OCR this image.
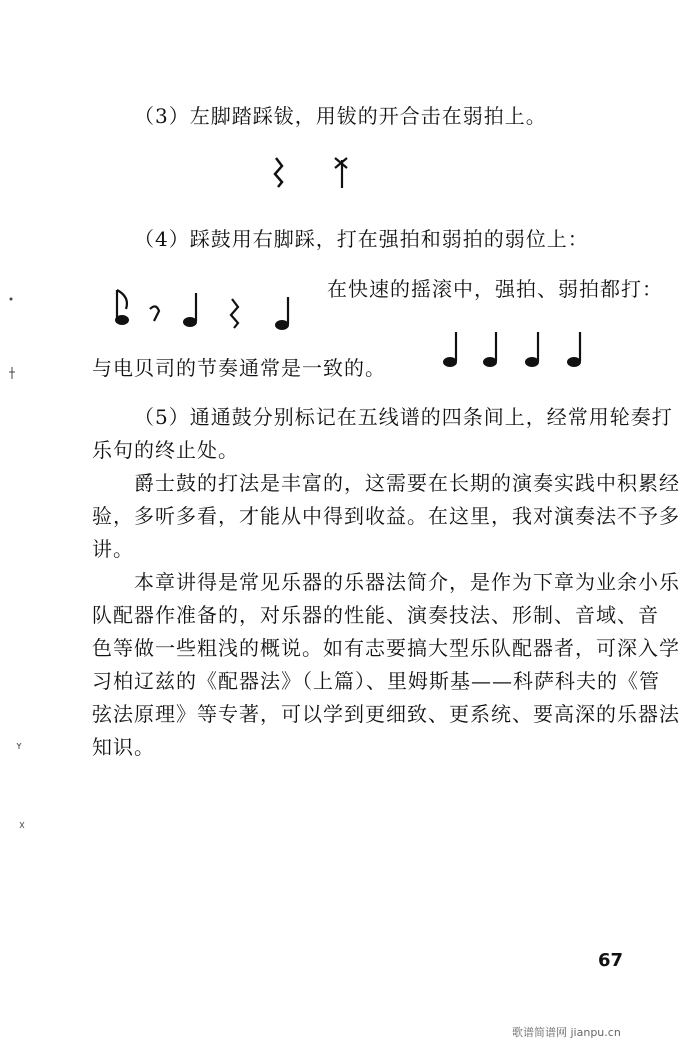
（3）左脚踏踩钹，用钹的开合击在弱拍上。
（4）踩鼓用右脚踩，打在强拍和弱拍的弱位上：
在快速的摇滚中，强拍、弱拍都打：
与电贝司的节奏通常是一致的。
（5）通通鼓分别标记在五线谱的四条间上，经常用轮奏打
乐句的终止处。
爵士鼓的打法是丰富的，这需要在长期的演奏实践中积累经
验，多听多看，才能从中得到收益。在这里，我对演奏法不予多
讲。
本章讲得是常见乐器的乐器法简介，是作为下章为业余小乐
队配器作准备的，对乐器的性能、演奏技法、形制、音域、音
色等做一些粗浅的概说。如有志要搞大型乐队配器者，可深入学
习柏辽兹的《配器法》（上篇）、里姆斯基——科萨科夫的《管
弦法原理》等专著，可以学到更细致、更系统、要高深的乐器法
知识。
67
歌谱简谱网 jianpu.cn
